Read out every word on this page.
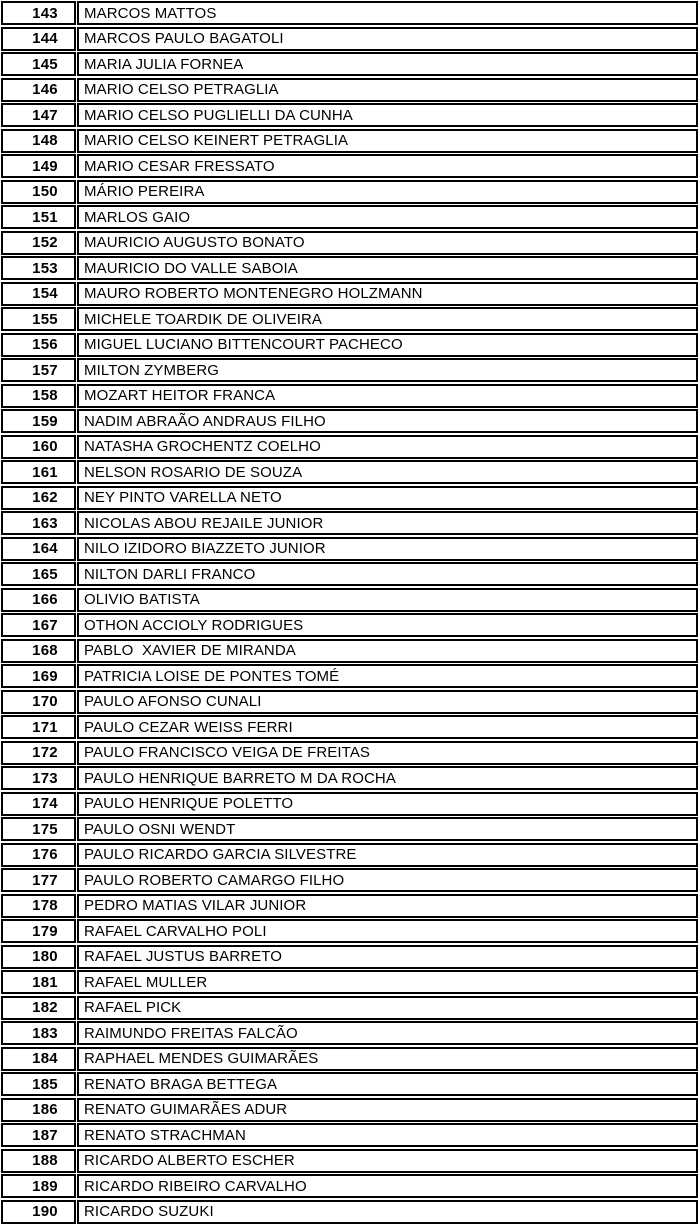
143	MARCOS MATTOS
144	MARCOS PAULO BAGATOLI
145	MARIA JULIA FORNEA
146	MARIO CELSO PETRAGLIA
147	MARIO CELSO PUGLIELLI DA CUNHA
148	MARIO CELSO KEINERT PETRAGLIA
149	MARIO CESAR FRESSATO
150	MÁRIO PEREIRA
151	MARLOS GAIO
152	MAURICIO AUGUSTO BONATO
153	MAURICIO DO VALLE SABOIA
154	MAURO ROBERTO MONTENEGRO HOLZMANN
155	MICHELE TOARDIK DE OLIVEIRA
156	MIGUEL LUCIANO BITTENCOURT PACHECO
157	MILTON ZYMBERG
158	MOZART HEITOR FRANCA
159	NADIM ABRAÃO ANDRAUS FILHO
160	NATASHA GROCHENTZ COELHO
161	NELSON ROSARIO DE SOUZA
162	NEY PINTO VARELLA NETO
163	NICOLAS ABOU REJAILE JUNIOR
164	NILO IZIDORO BIAZZETO JUNIOR
165	NILTON DARLI FRANCO
166	OLIVIO BATISTA
167	OTHON ACCIOLY RODRIGUES
168	PABLO  XAVIER DE MIRANDA
169	PATRICIA LOISE DE PONTES TOMÉ
170	PAULO AFONSO CUNALI
171	PAULO CEZAR WEISS FERRI
172	PAULO FRANCISCO VEIGA DE FREITAS
173	PAULO HENRIQUE BARRETO M DA ROCHA
174	PAULO HENRIQUE POLETTO
175	PAULO OSNI WENDT
176	PAULO RICARDO GARCIA SILVESTRE
177	PAULO ROBERTO CAMARGO FILHO
178	PEDRO MATIAS VILAR JUNIOR
179	RAFAEL CARVALHO POLI
180	RAFAEL JUSTUS BARRETO
181	RAFAEL MULLER
182	RAFAEL PICK
183	RAIMUNDO FREITAS FALCÃO
184	RAPHAEL MENDES GUIMARÃES
185	RENATO BRAGA BETTEGA
186	RENATO GUIMARÃES ADUR
187	RENATO STRACHMAN
188	RICARDO ALBERTO ESCHER
189	RICARDO RIBEIRO CARVALHO
190	RICARDO SUZUKI
